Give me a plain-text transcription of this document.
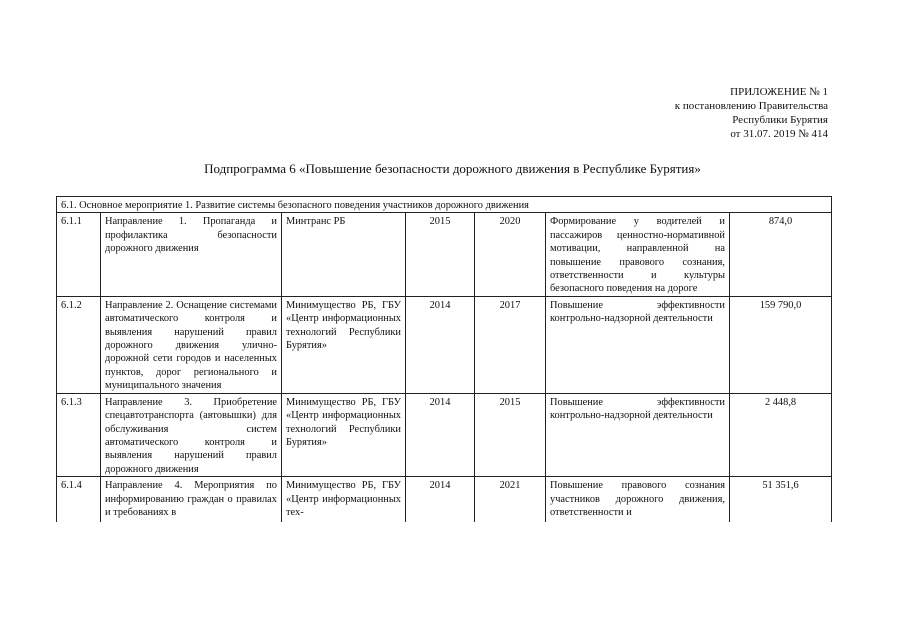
ПРИЛОЖЕНИЕ № 1
к постановлению Правительства
Республики Бурятия
от 31.07. 2019 № 414
Подпрограмма 6 «Повышение безопасности дорожного движения в Республике Бурятия»
6.1. Основное мероприятие 1. Развитие системы безопасного поведения участников дорожного движения						
6.1.1	Направление 1. Пропаганда и профилактика безопасности дорожного движения	Минтранс РБ	2015	2020	Формирование у водителей и пассажиров ценностно-нормативной мотивации, направленной на повышение правового сознания, ответственности и культуры безопасного поведения на дороге	874,0
6.1.2	Направление 2. Оснащение системами автоматического контроля и выявления нарушений правил дорожного движения улично-дорожной сети городов и населенных пунктов, дорог регионального и муниципального значения	Минимущество РБ, ГБУ «Центр информационных технологий Республики Бурятия»	2014	2017	Повышение эффективности контрольно-надзорной деятельности	159 790,0
6.1.3	Направление 3. Приобретение спецавтотранспорта (автовышки) для обслуживания систем автоматического контроля и выявления нарушений правил дорожного движения	Минимущество РБ, ГБУ «Центр информационных технологий Республики Бурятия»	2014	2015	Повышение эффективности контрольно-надзорной деятельности	2 448,8
6.1.4	Направление 4. Мероприятия по информированию граждан о правилах и требованиях в	Минимущество РБ, ГБУ «Центр информационных тех-	2014	2021	Повышение правового сознания участников дорожного движения, ответственности и	51 351,6
